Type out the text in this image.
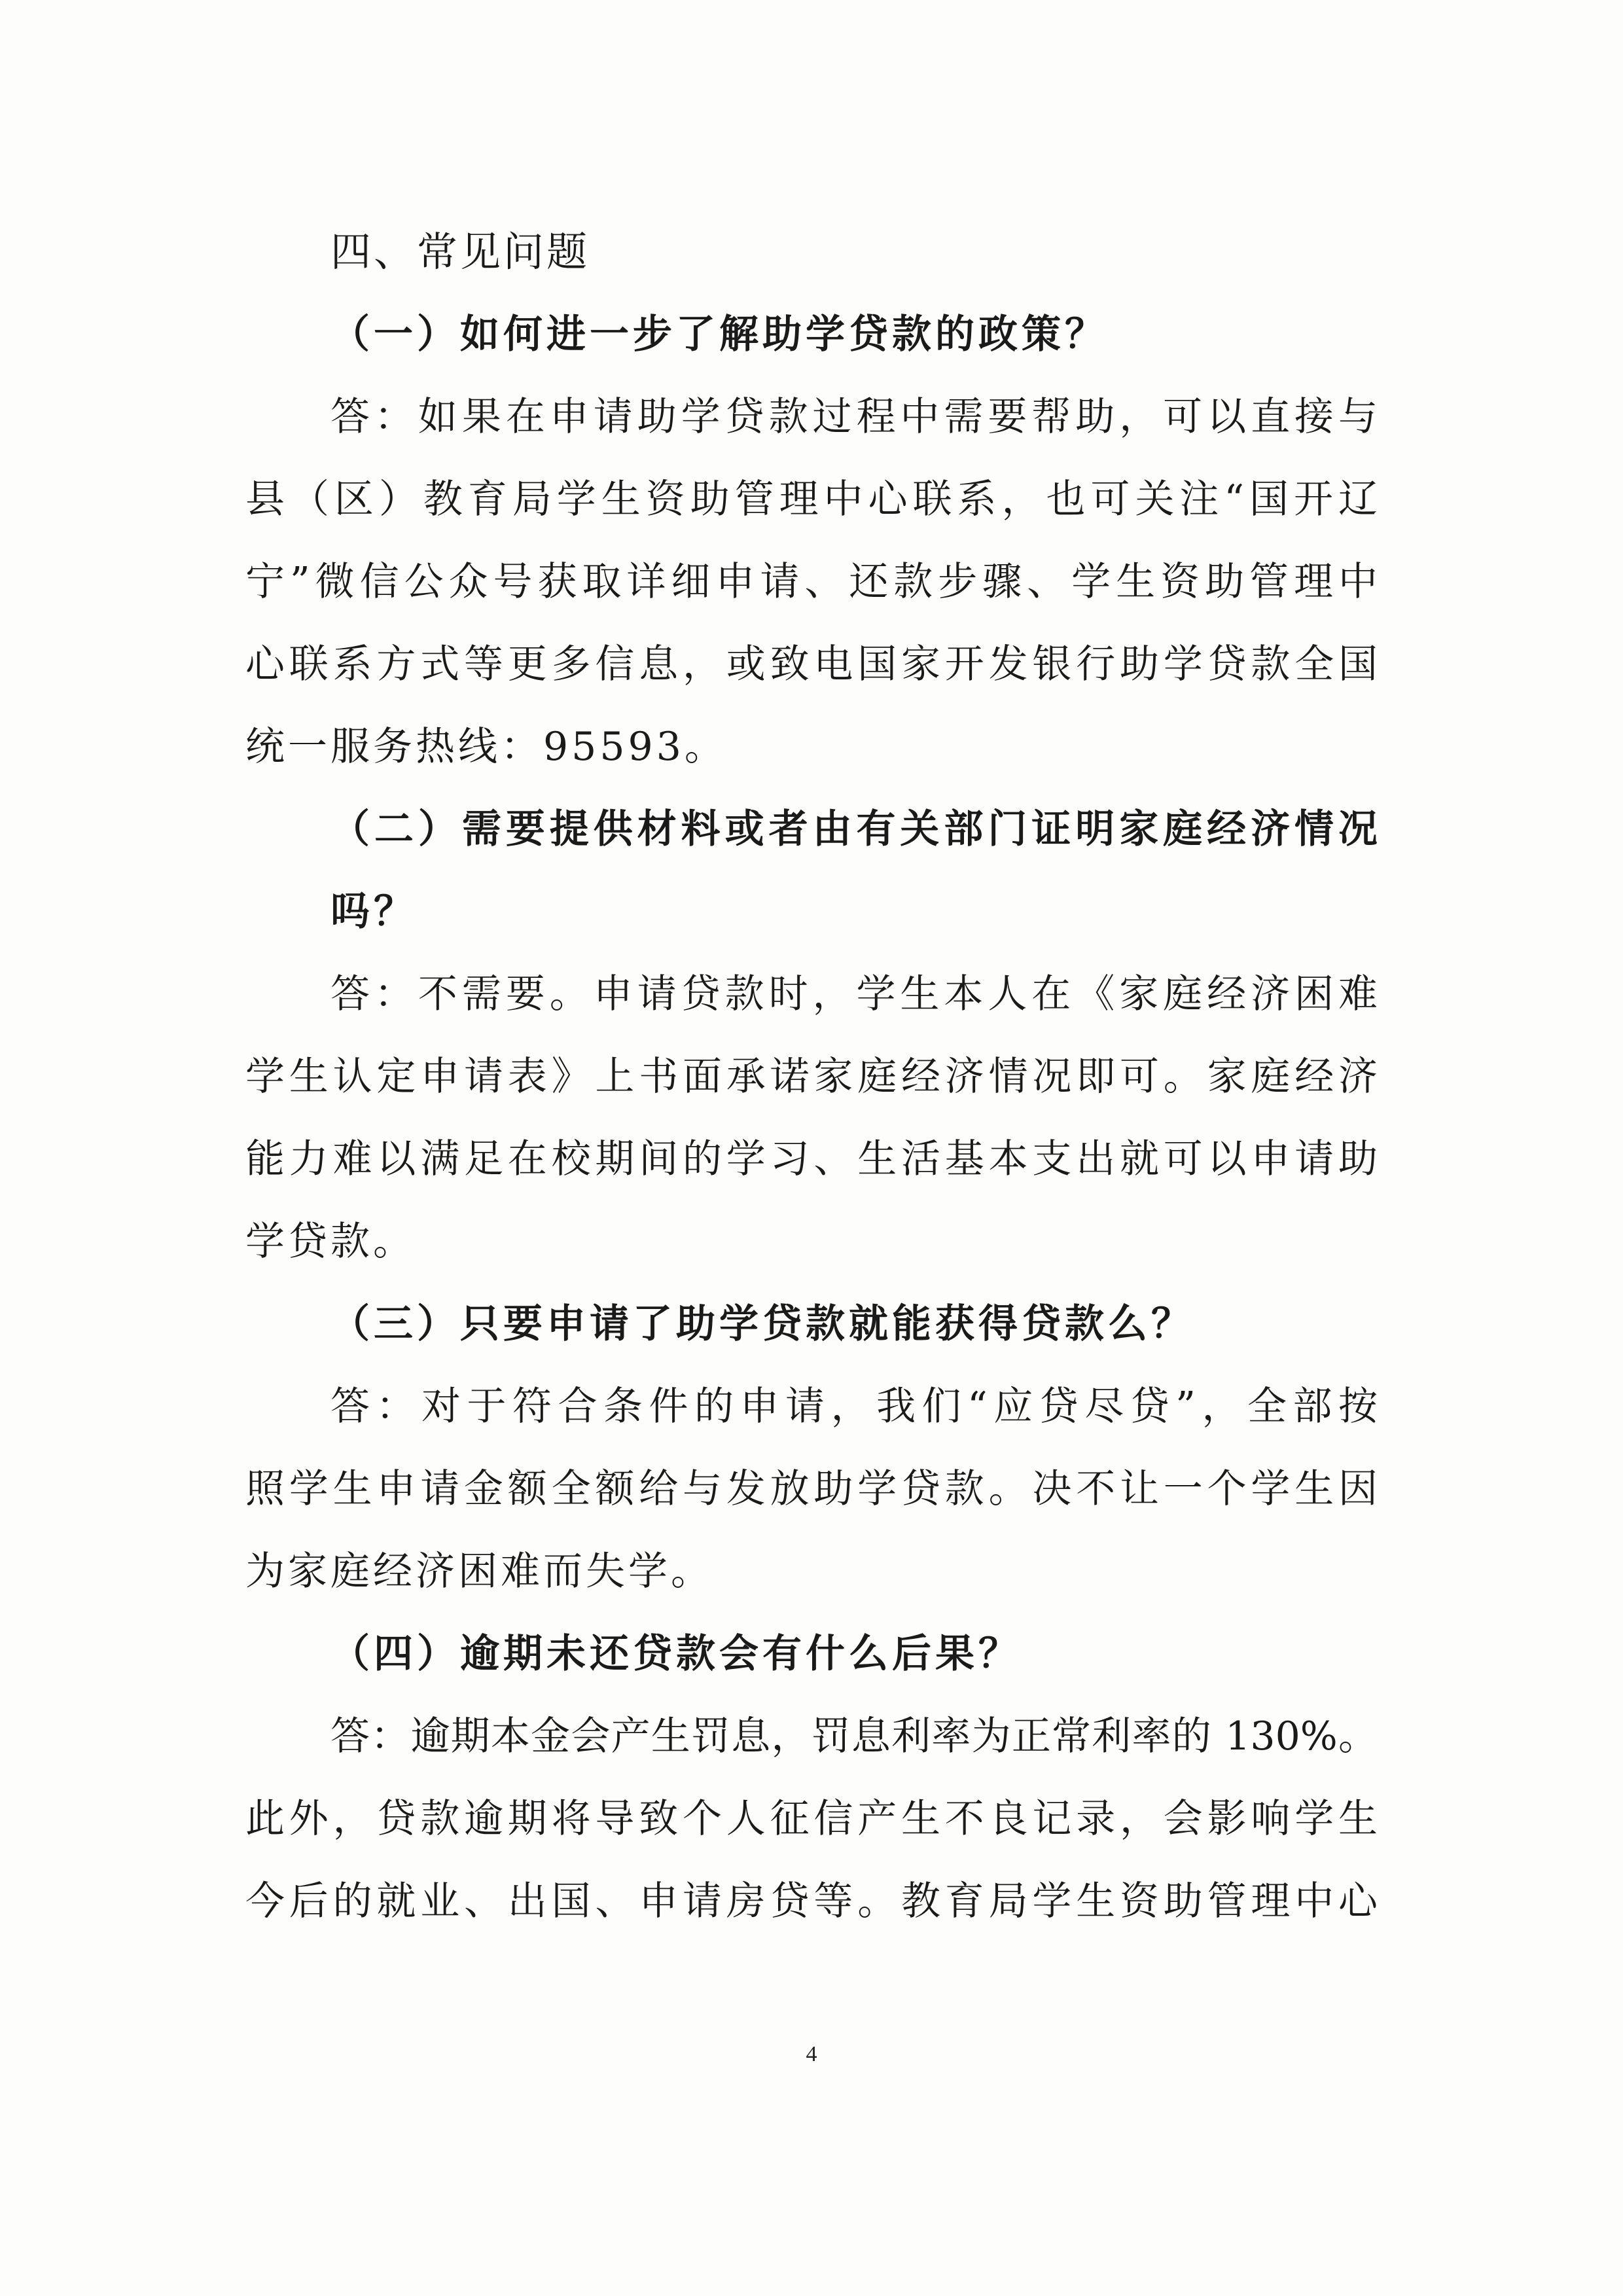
四、常见问题
（一）如何进一步了解助学贷款的政策？
答：如果在申请助学贷款过程中需要帮助，可以直接与
县（区）教育局学生资助管理中心联系，也可关注“国开辽
宁”微信公众号获取详细申请、还款步骤、学生资助管理中
心联系方式等更多信息，或致电国家开发银行助学贷款全国
统一服务热线：95593。
（二）需要提供材料或者由有关部门证明家庭经济情况
吗？
答：不需要。申请贷款时，学生本人在《家庭经济困难
学生认定申请表》上书面承诺家庭经济情况即可。家庭经济
能力难以满足在校期间的学习、生活基本支出就可以申请助
学贷款。
（三）只要申请了助学贷款就能获得贷款么？
答：对于符合条件的申请，我们“应贷尽贷”，全部按
照学生申请金额全额给与发放助学贷款。决不让一个学生因
为家庭经济困难而失学。
（四）逾期未还贷款会有什么后果？
答：逾期本金会产生罚息，罚息利率为正常利率的 130%。
此外，贷款逾期将导致个人征信产生不良记录，会影响学生
今后的就业、出国、申请房贷等。教育局学生资助管理中心
4
